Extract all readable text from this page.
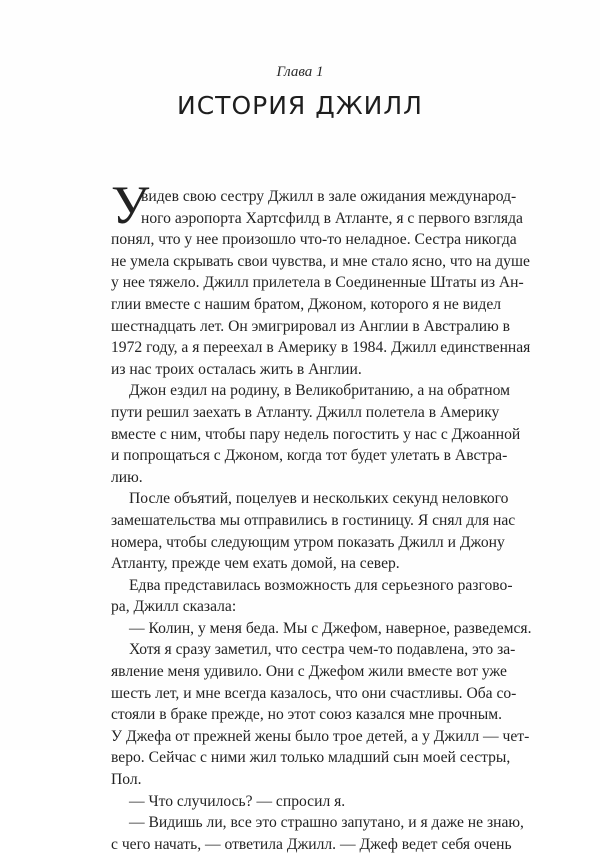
Глава 1
ИСТОРИЯ ДЖИЛЛ
У
видев свою сестру Джилл в зале ожидания международ-
ного аэропорта Хартсфилд в Атланте, я с первого взгляда
понял, что у нее произошло что-то неладное. Сестра никогда
не умела скрывать свои чувства, и мне стало ясно, что на душе
у нее тяжело. Джилл прилетела в Соединенные Штаты из Ан-
глии вместе с нашим братом, Джоном, которого я не видел
шестнадцать лет. Он эмигрировал из Англии в Австралию в
1972 году, а я переехал в Америку в 1984. Джилл единственная
из нас троих осталась жить в Англии.
Джон ездил на родину, в Великобританию, а на обратном
пути решил заехать в Атланту. Джилл полетела в Америку
вместе с ним, чтобы пару недель погостить у нас с Джоанной
и попрощаться с Джоном, когда тот будет улетать в Австра-
лию.
После объятий, поцелуев и нескольких секунд неловкого
замешательства мы отправились в гостиницу. Я снял для нас
номера, чтобы следующим утром показать Джилл и Джону
Атланту, прежде чем ехать домой, на север.
Едва представилась возможность для серьезного разгово-
ра, Джилл сказала:
— Колин, у меня беда. Мы с Джефом, наверное, разведемся.
Хотя я сразу заметил, что сестра чем-то подавлена, это за-
явление меня удивило. Они с Джефом жили вместе вот уже
шесть лет, и мне всегда казалось, что они счастливы. Оба со-
стояли в браке прежде, но этот союз казался мне прочным.
У Джефа от прежней жены было трое детей, а у Джилл — чет-
веро. Сейчас с ними жил только младший сын моей сестры,
Пол.
— Что случилось? — спросил я.
— Видишь ли, все это страшно запутано, и я даже не знаю,
с чего начать, — ответила Джилл. — Джеф ведет себя очень
